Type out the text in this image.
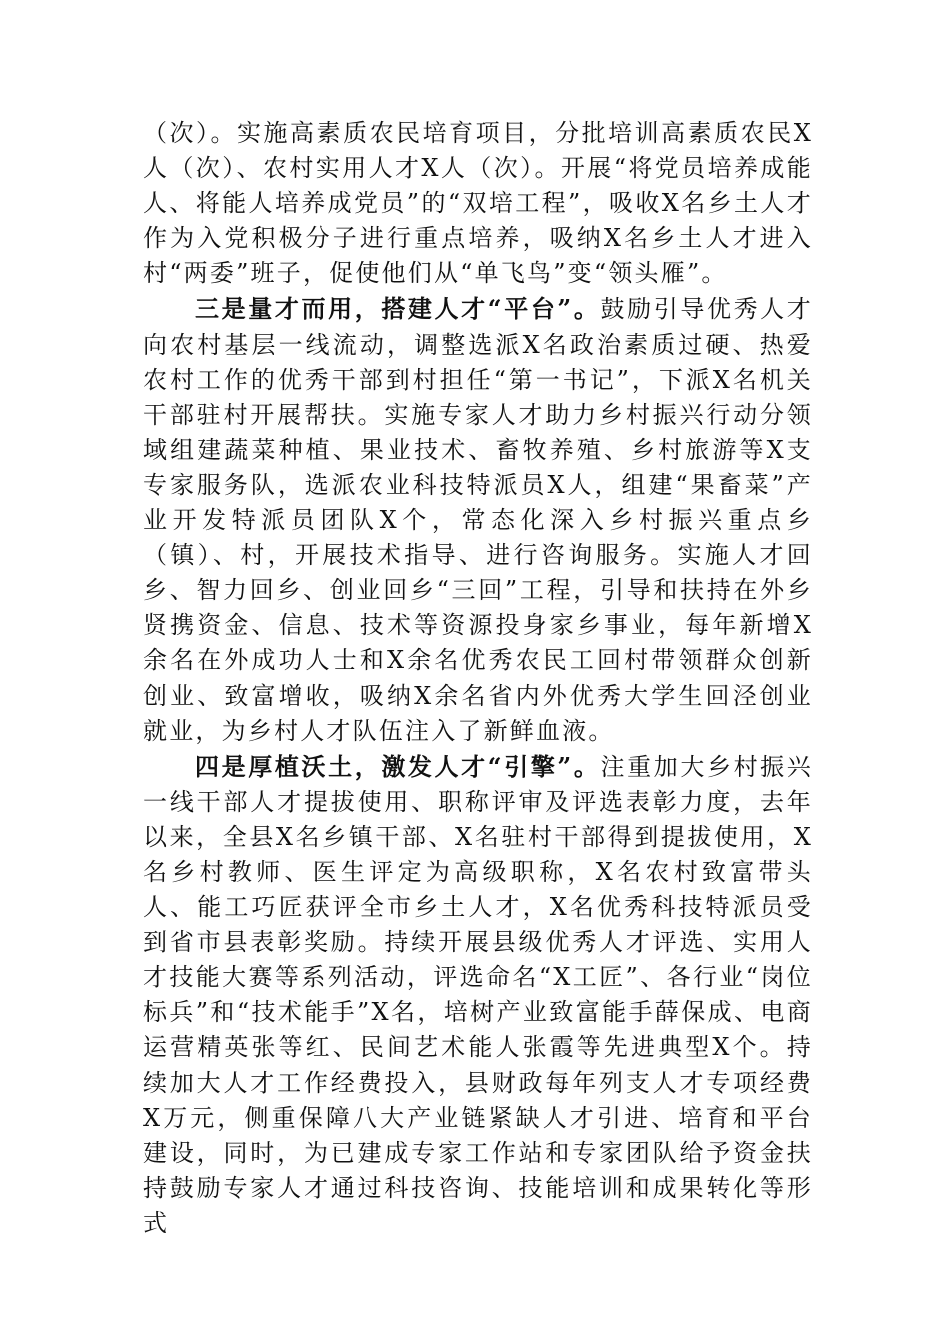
（次）。实施高素质农民培育项目，分批培训高素质农民X人（次）、农村实用人才X人（次）。开展“将党员培养成能人、将能人培养成党员”的“双培工程”，吸收X名乡土人才作为入党积极分子进行重点培养，吸纳X名乡土人才进入村“两委”班子，促使他们从“单飞鸟”变“领头雁”。

三是量才而用，搭建人才“平台”。鼓励引导优秀人才向农村基层一线流动，调整选派X名政治素质过硬、热爱农村工作的优秀干部到村担任“第一书记”，下派X名机关干部驻村开展帮扶。实施专家人才助力乡村振兴行动分领域组建蔬菜种植、果业技术、畜牧养殖、乡村旅游等X支专家服务队，选派农业科技特派员X人，组建“果畜菜”产业开发特派员团队X个，常态化深入乡村振兴重点乡（镇）、村，开展技术指导、进行咨询服务。实施人才回乡、智力回乡、创业回乡“三回”工程，引导和扶持在外乡贤携资金、信息、技术等资源投身家乡事业，每年新增X余名在外成功人士和X余名优秀农民工回村带领群众创新创业、致富增收，吸纳X余名省内外优秀大学生回泾创业就业，为乡村人才队伍注入了新鲜血液。

四是厚植沃土，激发人才“引擎”。注重加大乡村振兴一线干部人才提拔使用、职称评审及评选表彰力度，去年以来，全县X名乡镇干部、X名驻村干部得到提拔使用，X名乡村教师、医生评定为高级职称，X名农村致富带头人、能工巧匠获评全市乡土人才，X名优秀科技特派员受到省市县表彰奖励。持续开展县级优秀人才评选、实用人才技能大赛等系列活动，评选命名“X工匠”、各行业“岗位标兵”和“技术能手”X名，培树产业致富能手薛保成、电商运营精英张等红、民间艺术能人张霞等先进典型X个。持续加大人才工作经费投入，县财政每年列支人才专项经费X万元，侧重保障八大产业链紧缺人才引进、培育和平台建设，同时，为已建成专家工作站和专家团队给予资金扶持鼓励专家人才通过科技咨询、技能培训和成果转化等形式
